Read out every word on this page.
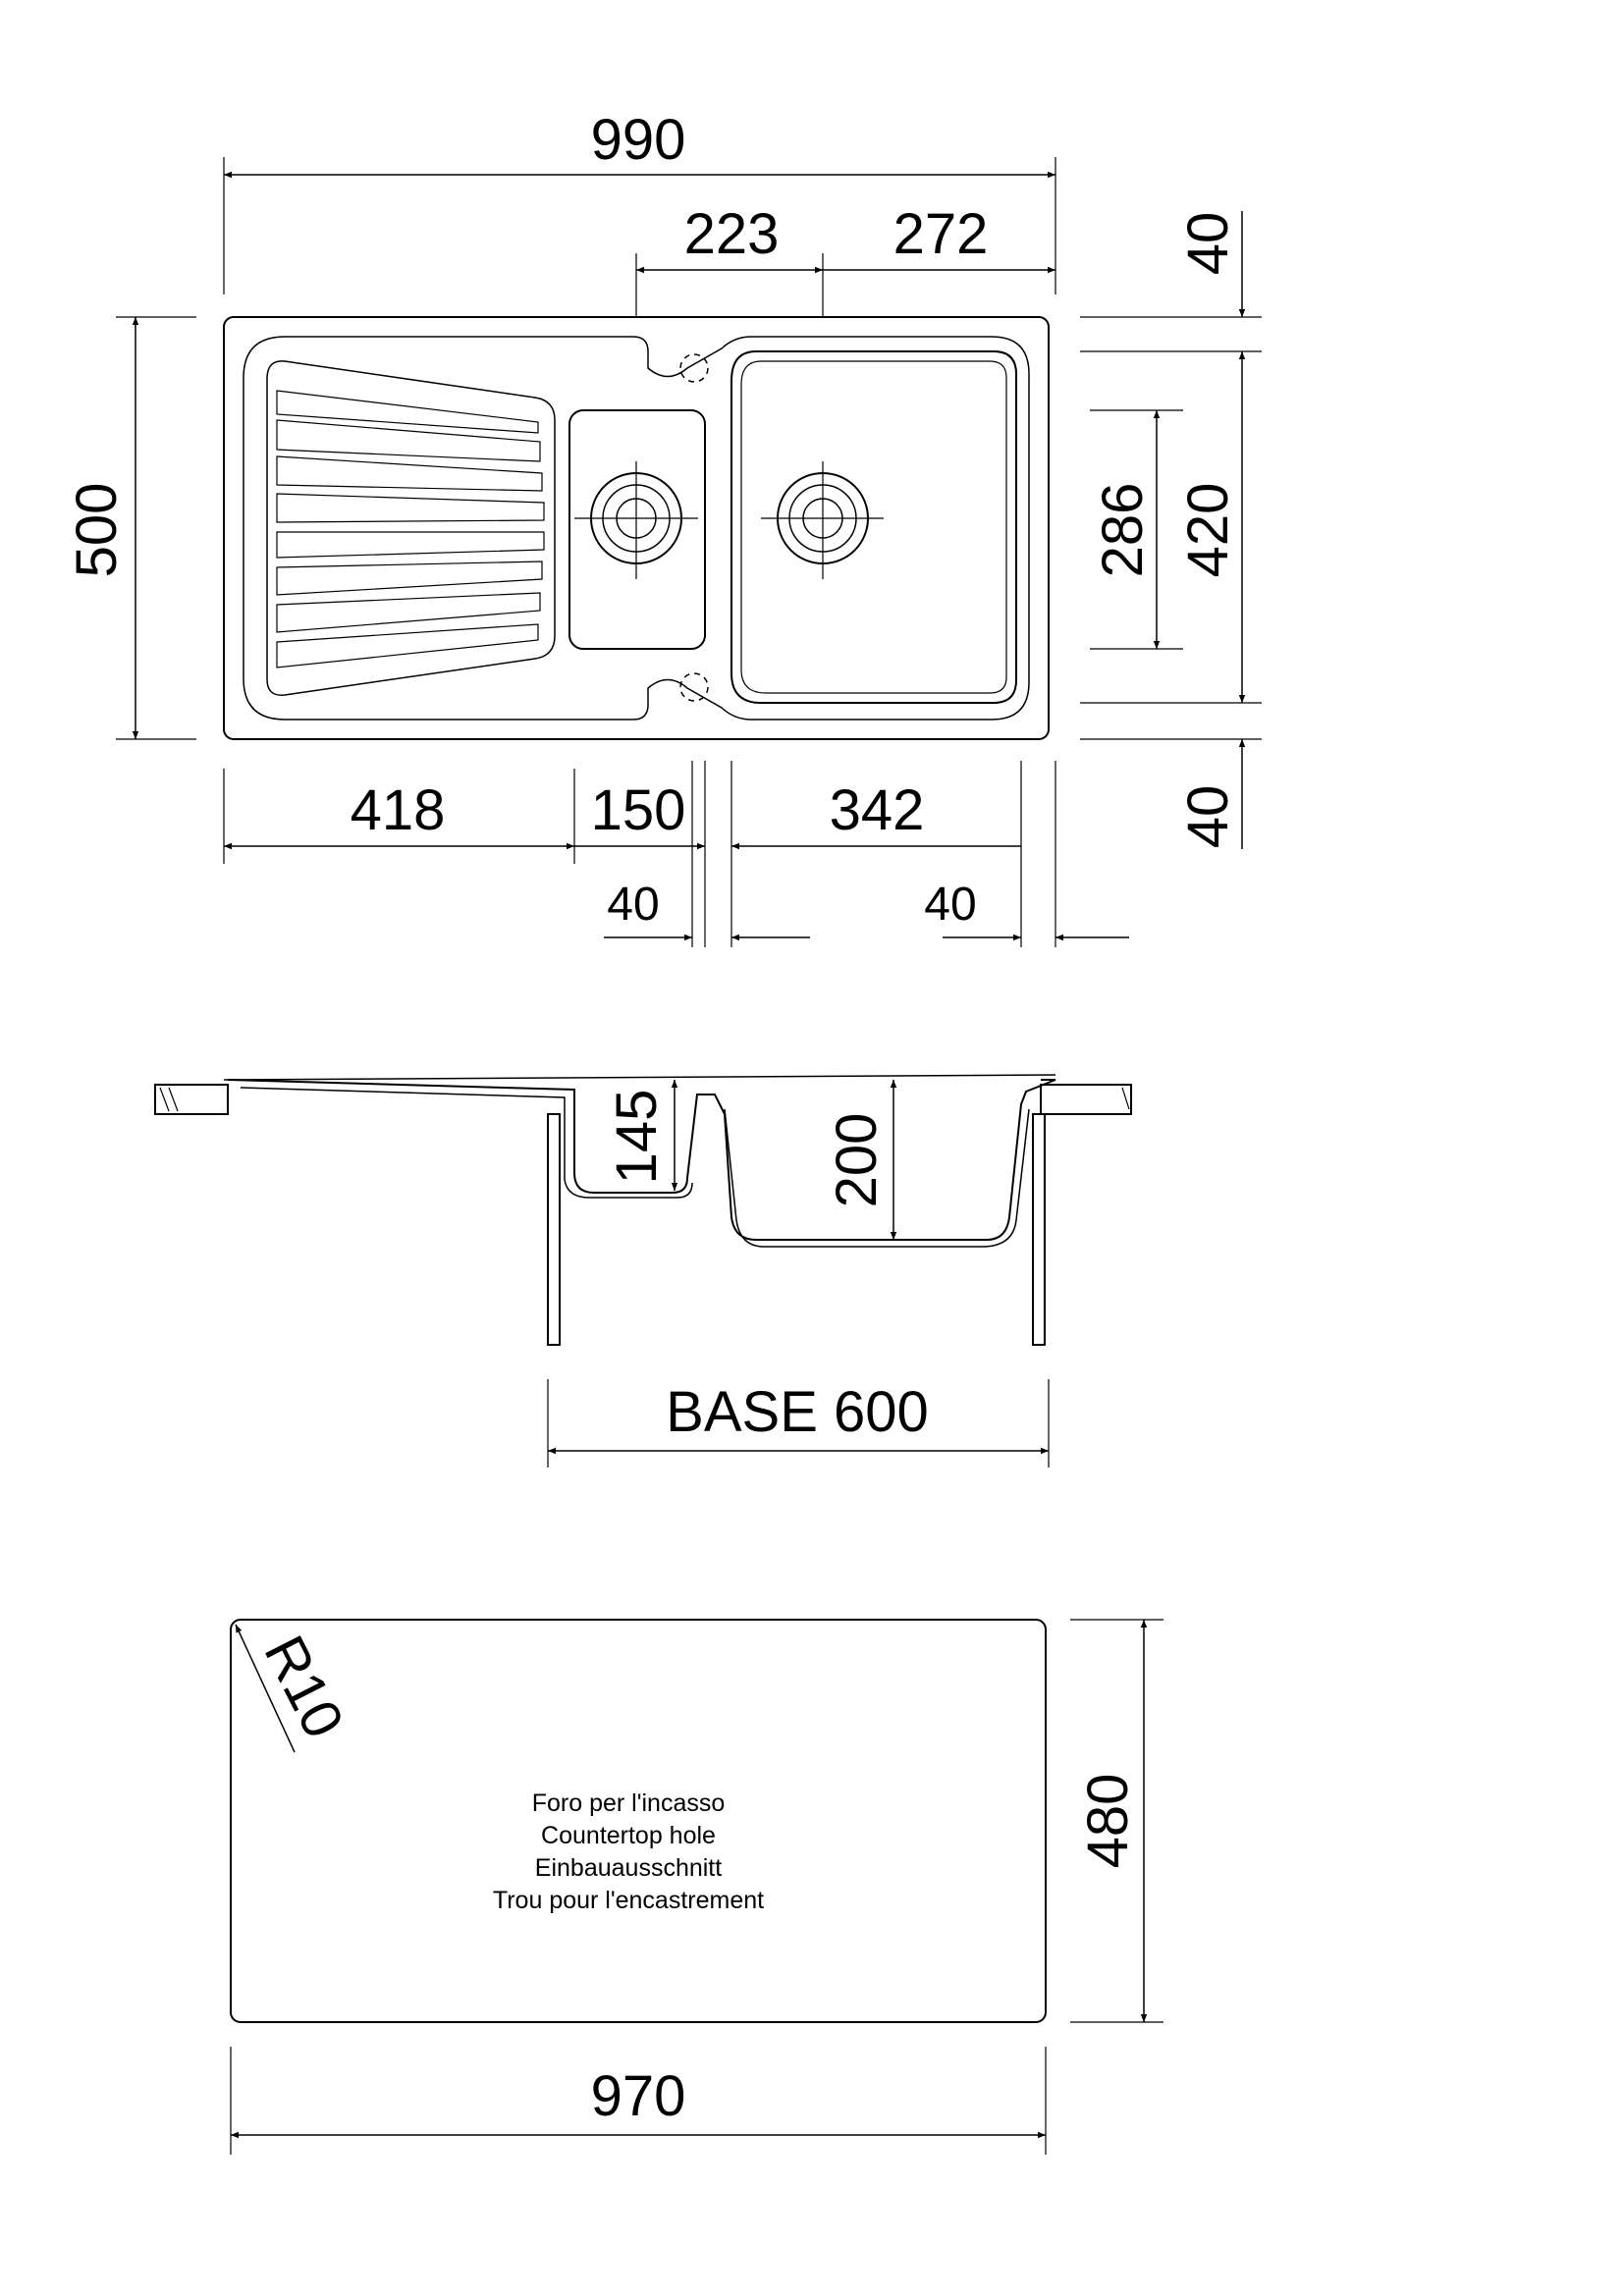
990
223 272
500
40
420
286
40
418	150	342
40	40
145	200
BASE 600
R10
Foro per l'incasso
Countertop hole
Einbauausschnitt
Trou pour l'encastrement
480
970
